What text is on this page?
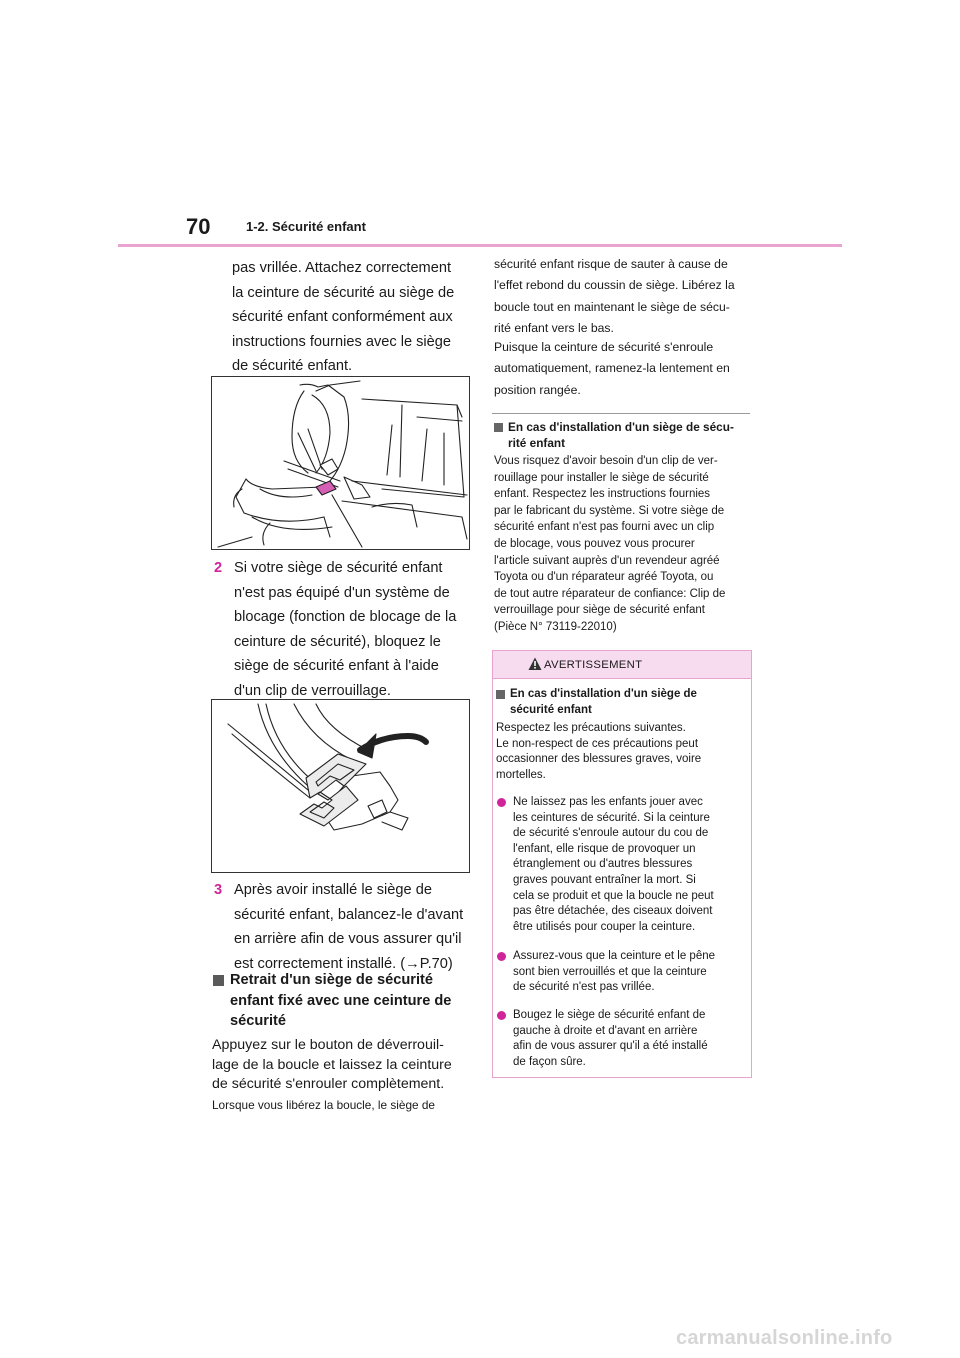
70	1-2. Sécurité enfant
pas vrillée. Attachez correctement
la ceinture de sécurité au siège de
sécurité enfant conformément aux
instructions fournies avec le siège
de sécurité enfant.
2 Si votre siège de sécurité enfant
n'est pas équipé d'un système de
blocage (fonction de blocage de la
ceinture de sécurité), bloquez le
siège de sécurité enfant à l'aide
d'un clip de verrouillage.
3 Après avoir installé le siège de
sécurité enfant, balancez-le d'avant
en arrière afin de vous assurer qu'il
est correctement installé. (→P.70)
Retrait d'un siège de sécurité
enfant fixé avec une ceinture de
sécurité
Appuyez sur le bouton de déverrouil-
lage de la boucle et laissez la ceinture
de sécurité s'enrouler complètement.
Lorsque vous libérez la boucle, le siège de
sécurité enfant risque de sauter à cause de
l'effet rebond du coussin de siège. Libérez la
boucle tout en maintenant le siège de sécu-
rité enfant vers le bas.
Puisque la ceinture de sécurité s'enroule
automatiquement, ramenez-la lentement en
position rangée.
En cas d'installation d'un siège de sécu-
rité enfant
Vous risquez d'avoir besoin d'un clip de ver-
rouillage pour installer le siège de sécurité
enfant. Respectez les instructions fournies
par le fabricant du système. Si votre siège de
sécurité enfant n'est pas fourni avec un clip
de blocage, vous pouvez vous procurer
l'article suivant auprès d'un revendeur agréé
Toyota ou d'un réparateur agréé Toyota, ou
de tout autre réparateur de confiance: Clip de
verrouillage pour siège de sécurité enfant
(Pièce N° 73119-22010)
AVERTISSEMENT
En cas d'installation d'un siège de
sécurité enfant
Respectez les précautions suivantes.
Le non-respect de ces précautions peut
occasionner des blessures graves, voire
mortelles.
Ne laissez pas les enfants jouer avec
les ceintures de sécurité. Si la ceinture
de sécurité s'enroule autour du cou de
l'enfant, elle risque de provoquer un
étranglement ou d'autres blessures
graves pouvant entraîner la mort. Si
cela se produit et que la boucle ne peut
pas être détachée, des ciseaux doivent
être utilisés pour couper la ceinture.
Assurez-vous que la ceinture et le pêne
sont bien verrouillés et que la ceinture
de sécurité n'est pas vrillée.
Bougez le siège de sécurité enfant de
gauche à droite et d'avant en arrière
afin de vous assurer qu'il a été installé
de façon sûre.
carmanualsonline.info
